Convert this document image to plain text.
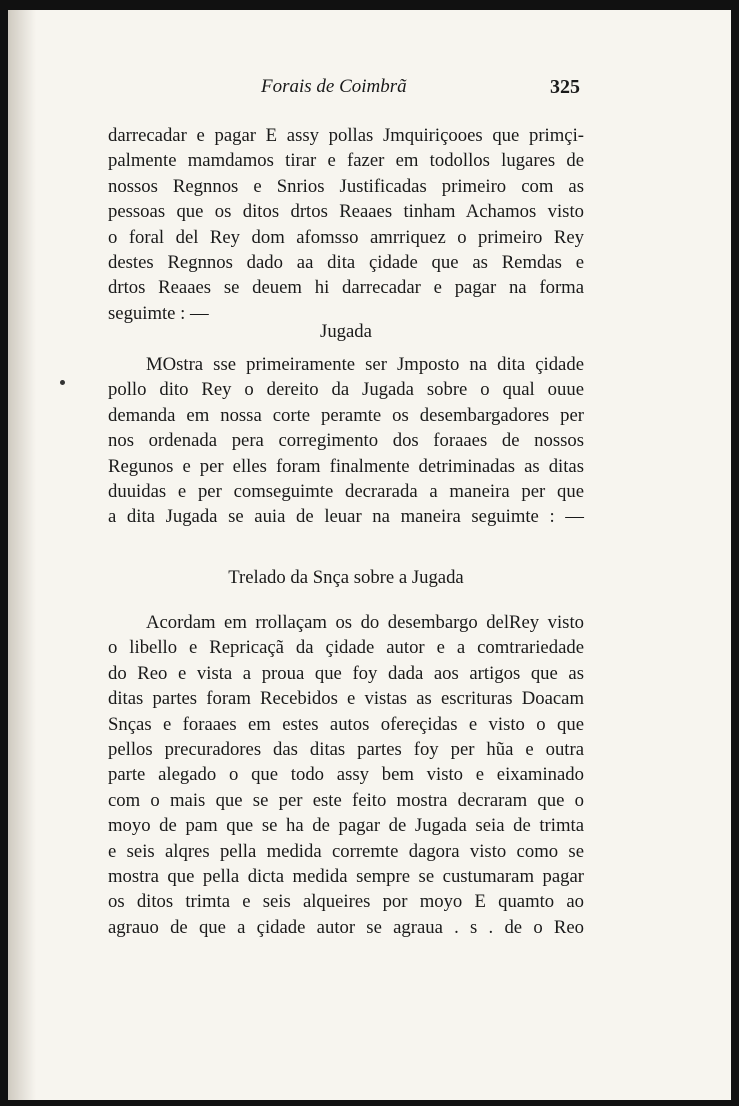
Forais de Coimbrã	325
darrecadar e pagar E assy pollas Jmquiriçooes que primçi-
palmente mamdamos tirar e fazer em todollos lugares de
nossos Regnnos e Snrios Justificadas primeiro com as
pessoas que os ditos drtos Reaaes tinham Achamos visto
o foral del Rey dom afomsso amrriquez o primeiro Rey
destes Regnnos dado aa dita çidade que as Remdas e
drtos Reaaes se deuem hi darrecadar e pagar na forma
seguimte : —
Jugada
MOstra sse primeiramente ser Jmposto na dita çidade
pollo dito Rey o dereito da Jugada sobre o qual ouue
demanda em nossa corte peramte os desembargadores per
nos ordenada pera corregimento dos foraaes de nossos
Regunos e per elles foram finalmente detriminadas as ditas
duuidas e per comseguimte decrarada a maneira per que
a dita Jugada se auia de leuar na maneira seguimte : —
Trelado da Snça sobre a Jugada
Acordam em rrollaçam os do desembargo delRey visto
o libello e Repricaçã da çidade autor e a comtrariedade
do Reo e vista a proua que foy dada aos artigos que as
ditas partes foram Recebidos e vistas as escrituras Doacam
Snças e foraaes em estes autos ofereçidas e visto o que
pellos precuradores das ditas partes foy per hũa e outra
parte alegado o que todo assy bem visto e eixaminado
com o mais que se per este feito mostra decraram que o
moyo de pam que se ha de pagar de Jugada seia de trimta
e seis alqres pella medida corremte dagora visto como se
mostra que pella dicta medida sempre se custumaram pagar
os ditos trimta e seis alqueires por moyo E quamto ao
agrauo de que a çidade autor se agraua . s . de o Reo
